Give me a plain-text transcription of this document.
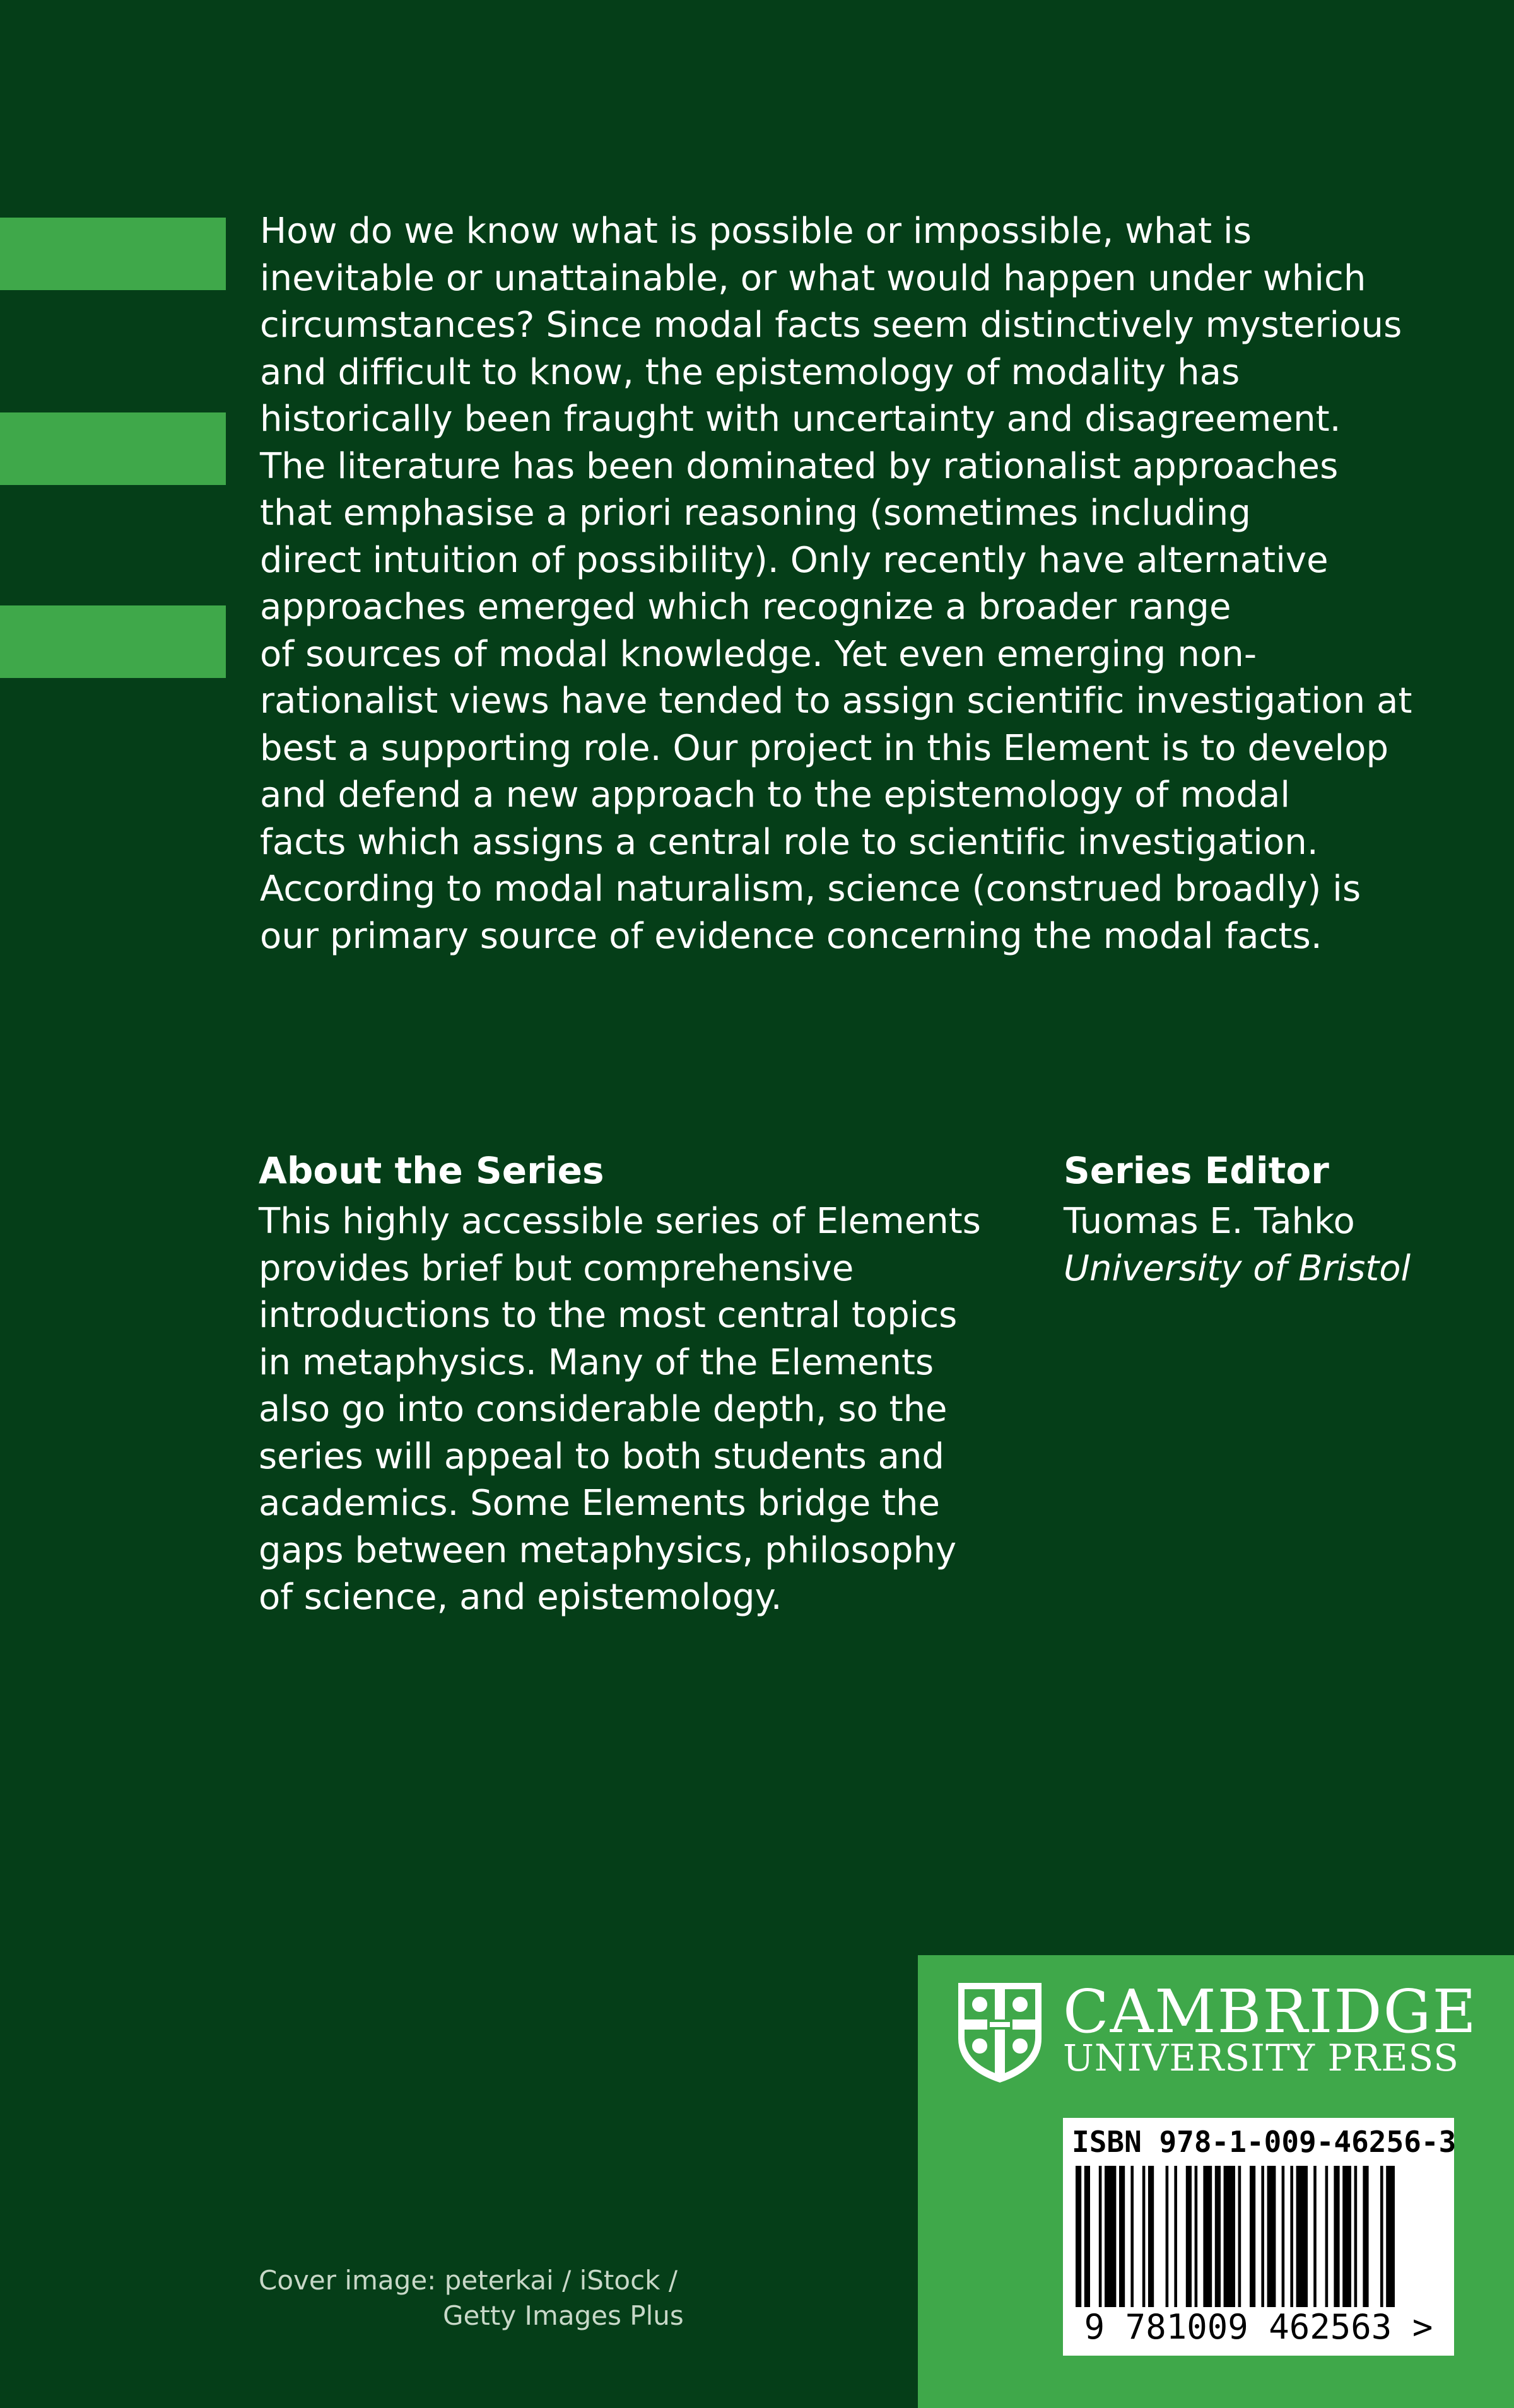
How do we know what is possible or impossible, what is
inevitable or unattainable, or what would happen under which
circumstances? Since modal facts seem distinctively mysterious
and difficult to know, the epistemology of modality has
historically been fraught with uncertainty and disagreement.
The literature has been dominated by rationalist approaches
that emphasise a priori reasoning (sometimes including
direct intuition of possibility). Only recently have alternative
approaches emerged which recognize a broader range
of sources of modal knowledge. Yet even emerging non-
rationalist views have tended to assign scientific investigation at
best a supporting role. Our project in this Element is to develop
and defend a new approach to the epistemology of modal
facts which assigns a central role to scientific investigation.
According to modal naturalism, science (construed broadly) is
our primary source of evidence concerning the modal facts.

About the Series

This highly accessible series of Elements
provides brief but comprehensive
introductions to the most central topics
in metaphysics. Many of the Elements
also go into considerable depth, so the
series will appeal to both students and
academics. Some Elements bridge the
gaps between metaphysics, philosophy
of science, and epistemology.

Series Editor
Tuomas E. Tahko
University of Bristol

Cover image: peterkai / iStock /
Getty Images Plus

CAMBRIDGE
UNIVERSITY PRESS
ISBN 978-1-009-46256-3
9 781009 462563 >
